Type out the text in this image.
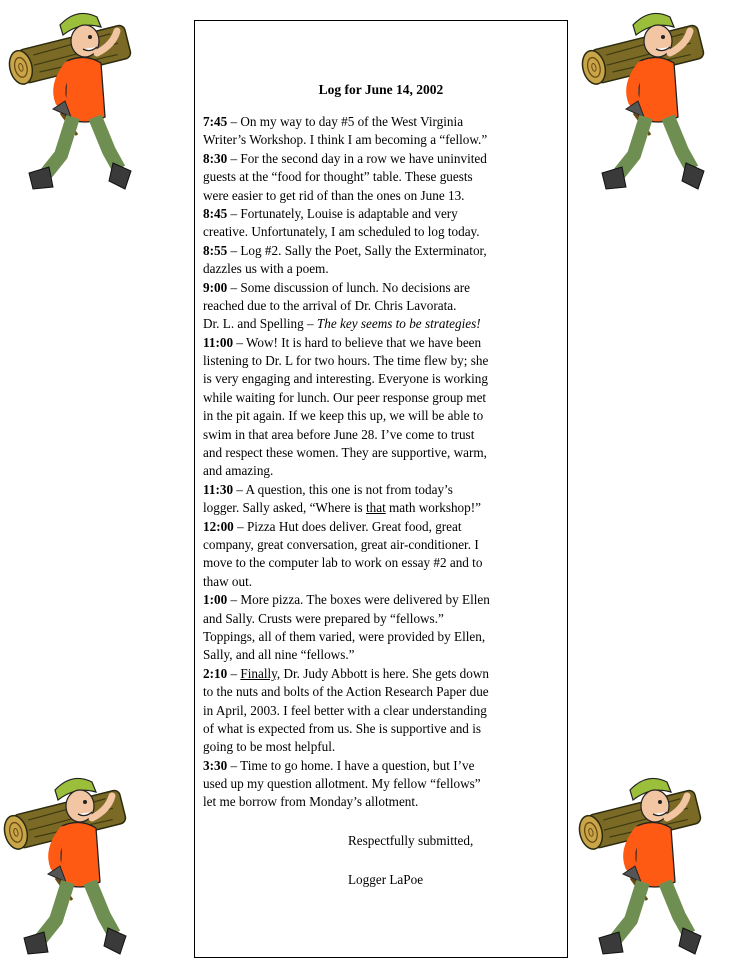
Log for June 14, 2002
7:45 – On my way to day #5 of the West Virginia
Writer’s Workshop. I think I am becoming a “fellow.”
8:30 – For the second day in a row we have uninvited
guests at the “food for thought” table. These guests
were easier to get rid of than the ones on June 13.
8:45 – Fortunately, Louise is adaptable and very
creative. Unfortunately, I am scheduled to log today.
8:55 – Log #2. Sally the Poet, Sally the Exterminator,
dazzles us with a poem.
9:00 – Some discussion of lunch. No decisions are
reached due to the arrival of Dr. Chris Lavorata.
Dr. L. and Spelling – The key seems to be strategies!
11:00 – Wow! It is hard to believe that we have been
listening to Dr. L for two hours. The time flew by; she
is very engaging and interesting. Everyone is working
while waiting for lunch. Our peer response group met
in the pit again. If we keep this up, we will be able to
swim in that area before June 28. I’ve come to trust
and respect these women. They are supportive, warm,
and amazing.
11:30 – A question, this one is not from today’s
logger. Sally asked, “Where is that math workshop!”
12:00 – Pizza Hut does deliver. Great food, great
company, great conversation, great air-conditioner. I
move to the computer lab to work on essay #2 and to
thaw out.
1:00 – More pizza. The boxes were delivered by Ellen
and Sally. Crusts were prepared by “fellows.”
Toppings, all of them varied, were provided by Ellen,
Sally, and all nine “fellows.”
2:10 – Finally, Dr. Judy Abbott is here. She gets down
to the nuts and bolts of the Action Research Paper due
in April, 2003. I feel better with a clear understanding
of what is expected from us. She is supportive and is
going to be most helpful.
3:30 – Time to go home. I have a question, but I’ve
used up my question allotment. My fellow “fellows”
let me borrow from Monday’s allotment.
Respectfully submitted,
Logger LaPoe
